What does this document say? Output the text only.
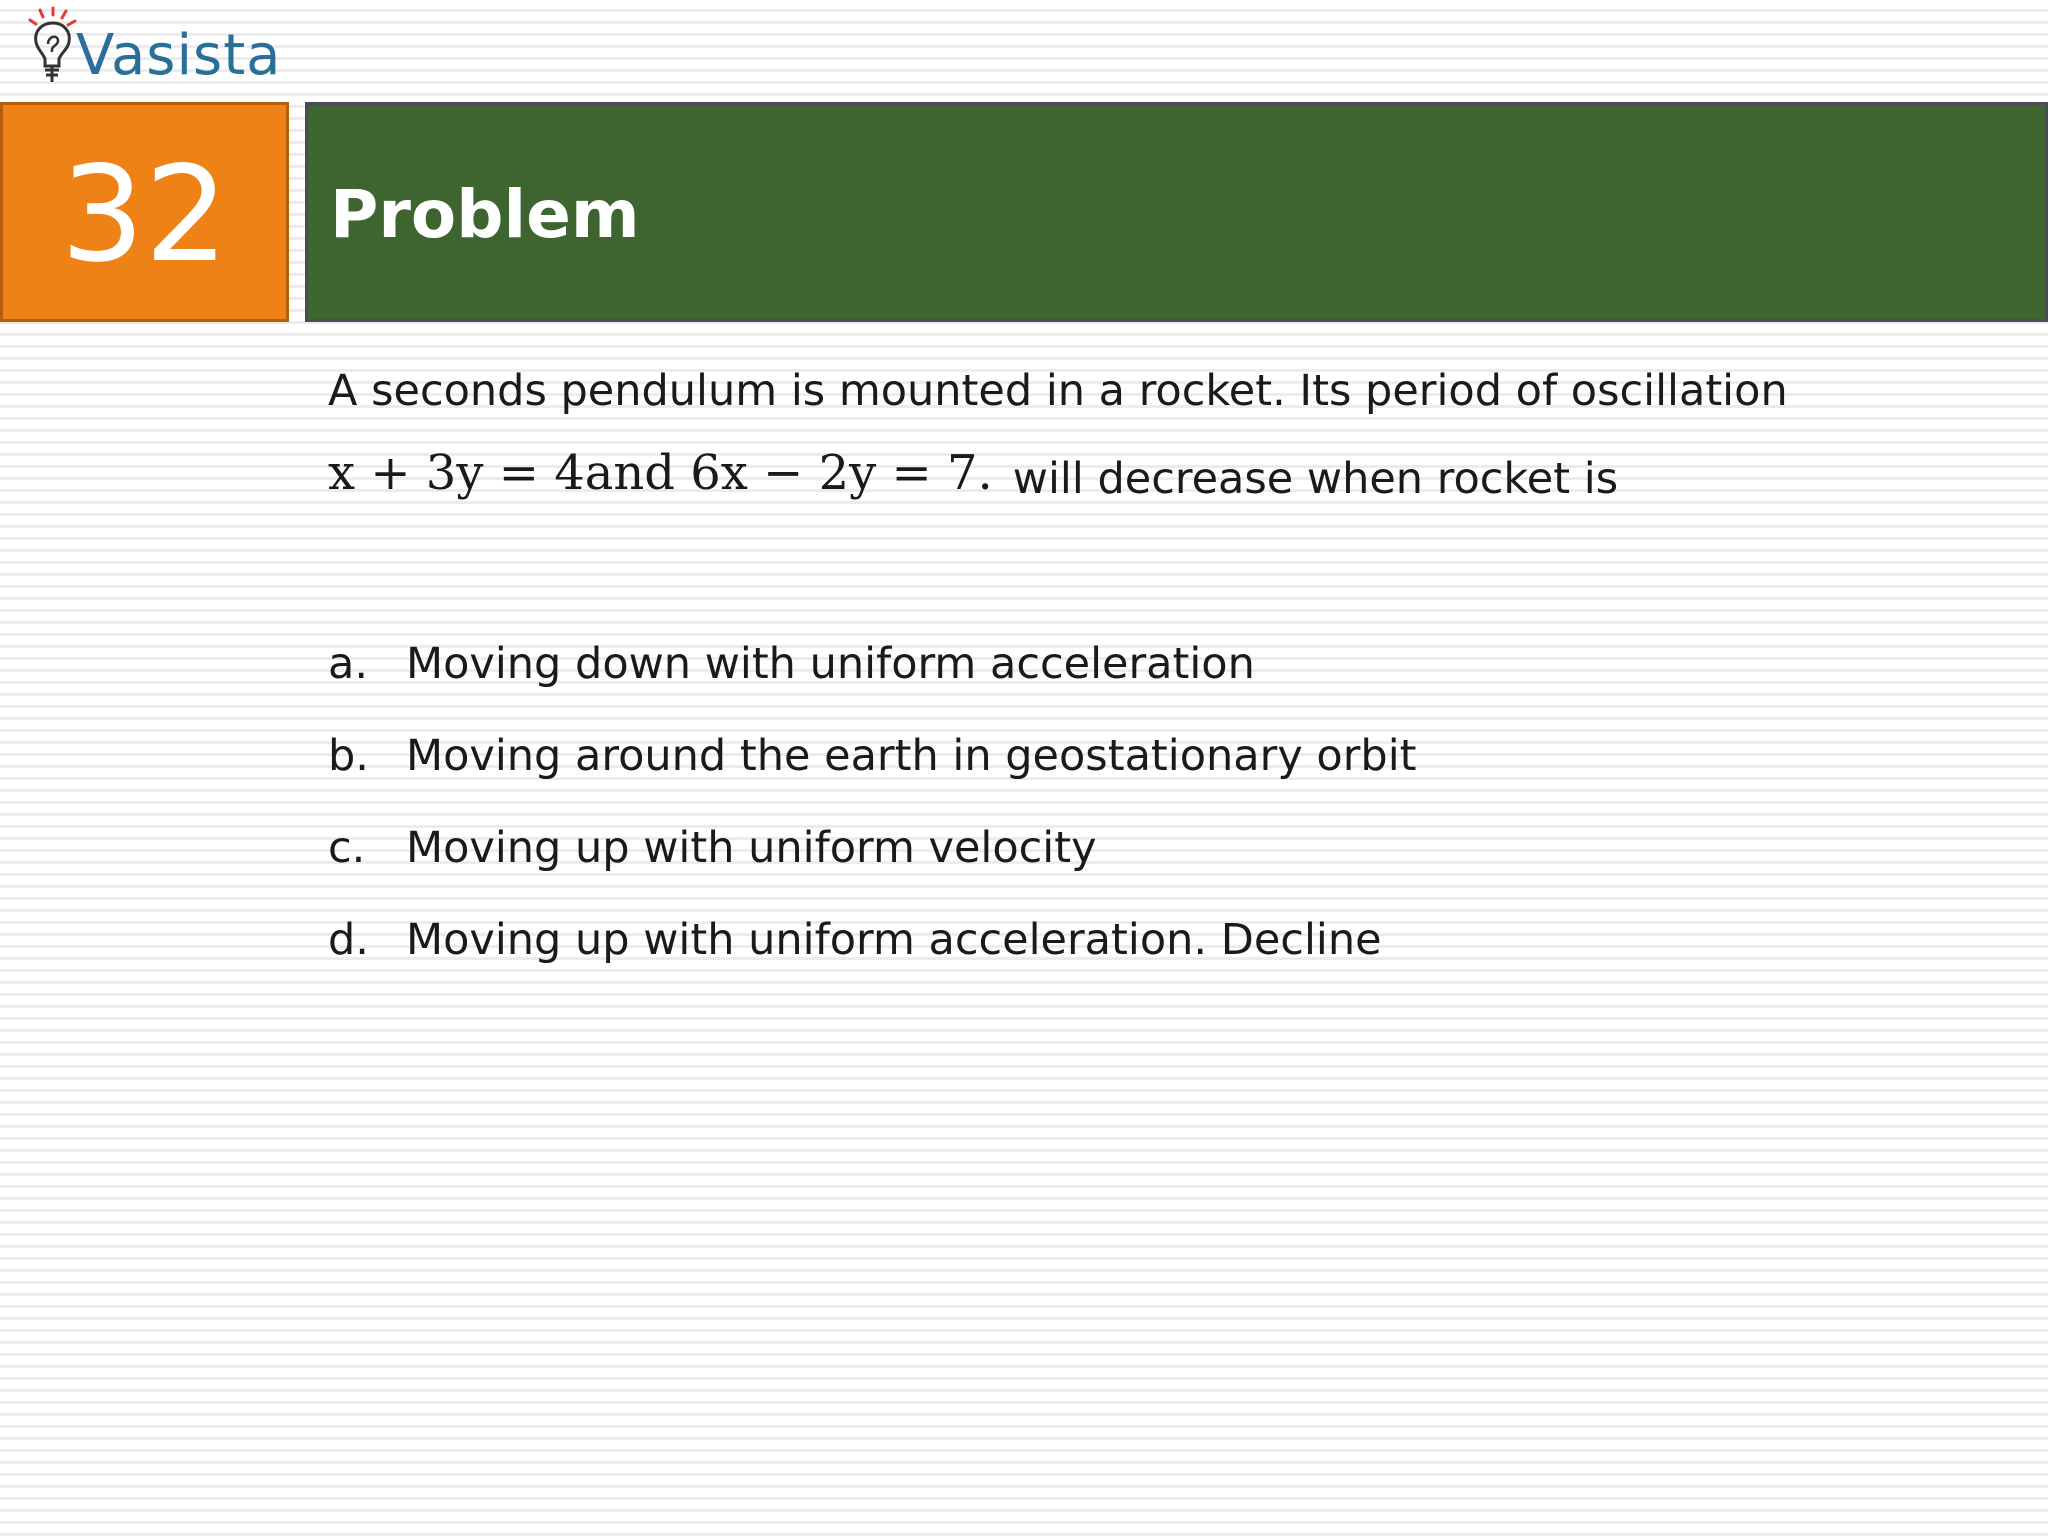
Vasista
32 Problem
A seconds pendulum is mounted in a rocket. Its period of oscillation
x + 3y = 4and 6x − 2y = 7. will decrease when rocket is
a. Moving down with uniform acceleration
b. Moving around the earth in geostationary orbit
c. Moving up with uniform velocity
d. Moving up with uniform acceleration. Decline
